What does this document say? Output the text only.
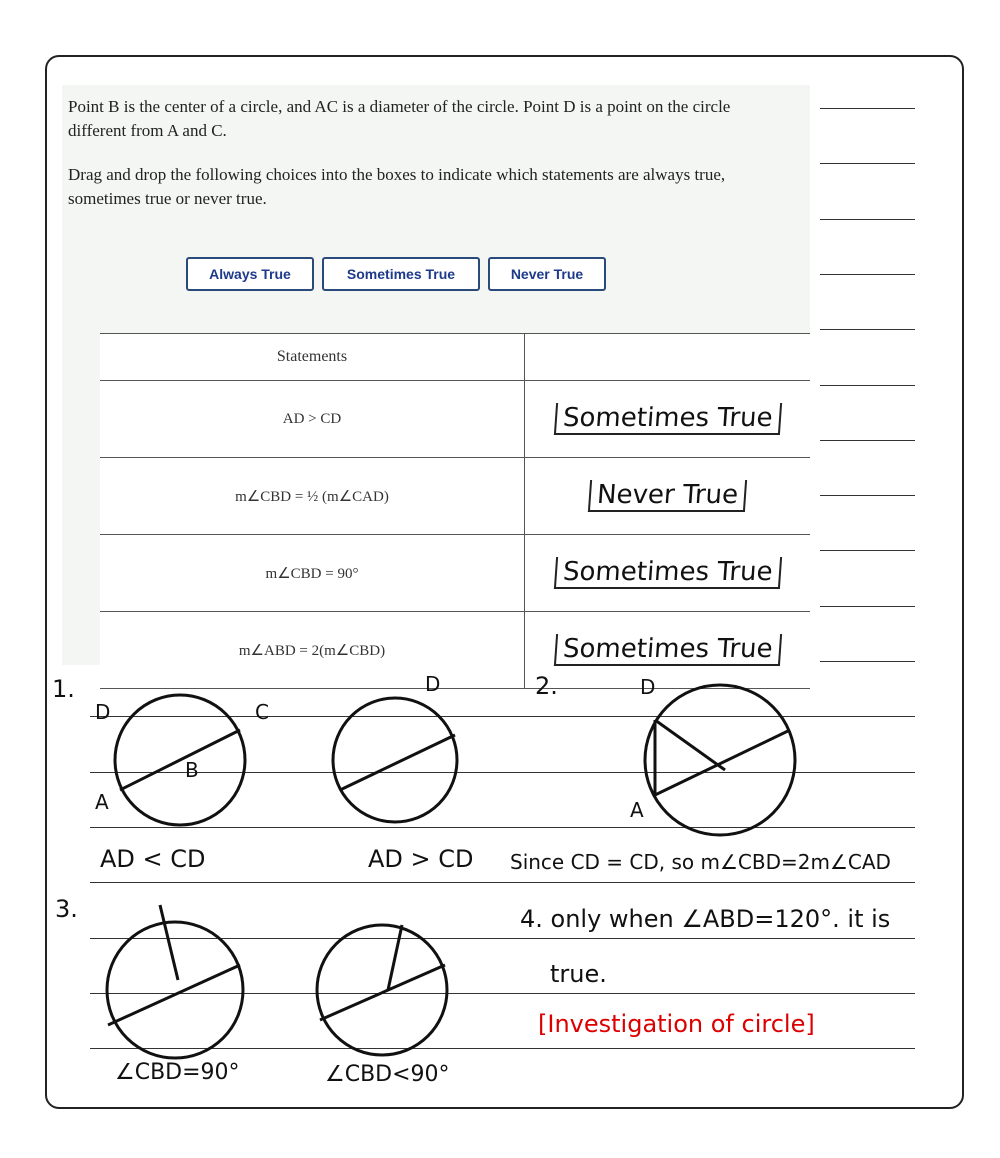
Point B is the center of a circle, and AC is a diameter of the circle. Point D is a point on the circle different from A and C.
Drag and drop the following choices into the boxes to indicate which statements are always true, sometimes true or never true.
Always True	Sometimes True	Never True
Statements	
AD > CD	Sometimes True
m∠CBD = ½ (m∠CAD)	Never True
m∠CBD = 90°	Sometimes True
m∠ABD = 2(m∠CBD)	Sometimes True
1.	2.
3.
D	C
B
A
D	D
A
AD < CD	AD > CD Since CD = CD, so m∠CBD=2m∠CAD
4. only when ∠ABD=120°. it is
true.
[Investigation of circle]
∠CBD=90°	∠CBD<90°
